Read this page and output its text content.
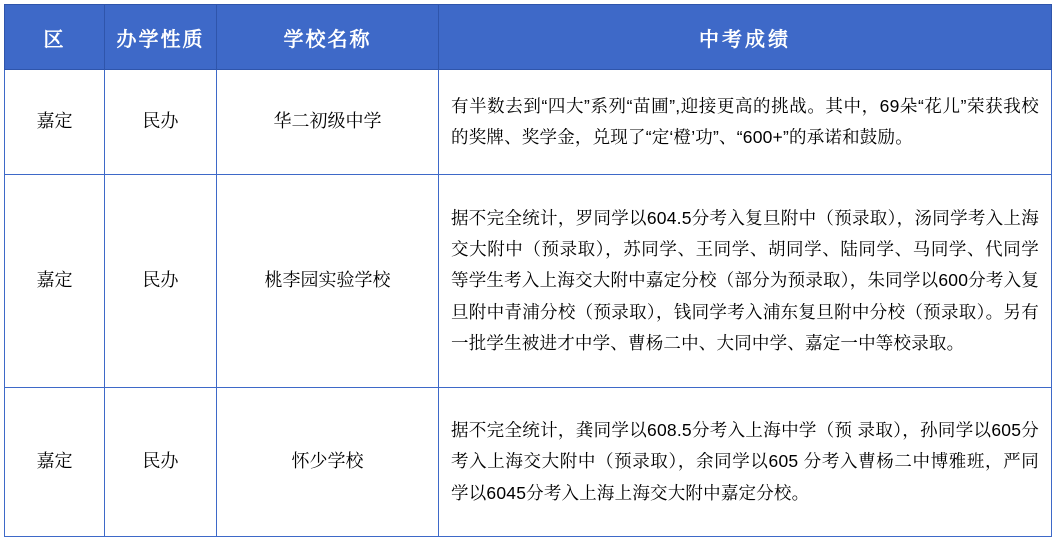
区	办学性质	学校名称	中考成绩
嘉定	民办	华二初级中学	有半数去到“四大”系列“苗圃”,迎接更高的挑战。其中，69朵“花儿”荣获我校的奖牌、奖学金，兑现了“定‘橙’功”、“600+”的承诺和鼓励。
嘉定	民办	桃李园实验学校	据不完全统计，罗同学以604.5分考入复旦附中（预录取），汤同学考入上海交大附中（预录取），苏同学、王同学、胡同学、陆同学、马同学、代同学等学生考入上海交大附中嘉定分校（部分为预录取），朱同学以600分考入复旦附中青浦分校（预录取），钱同学考入浦东复旦附中分校（预录取）。另有一批学生被进才中学、曹杨二中、大同中学、嘉定一中等校录取。
嘉定	民办	怀少学校	据不完全统计，龚同学以608.5分考入上海中学（预 录取），孙同学以605分考入上海交大附中（预录取），余同学以605 分考入曹杨二中博雅班，严同学以6045分考入上海上海交大附中嘉定分校。
